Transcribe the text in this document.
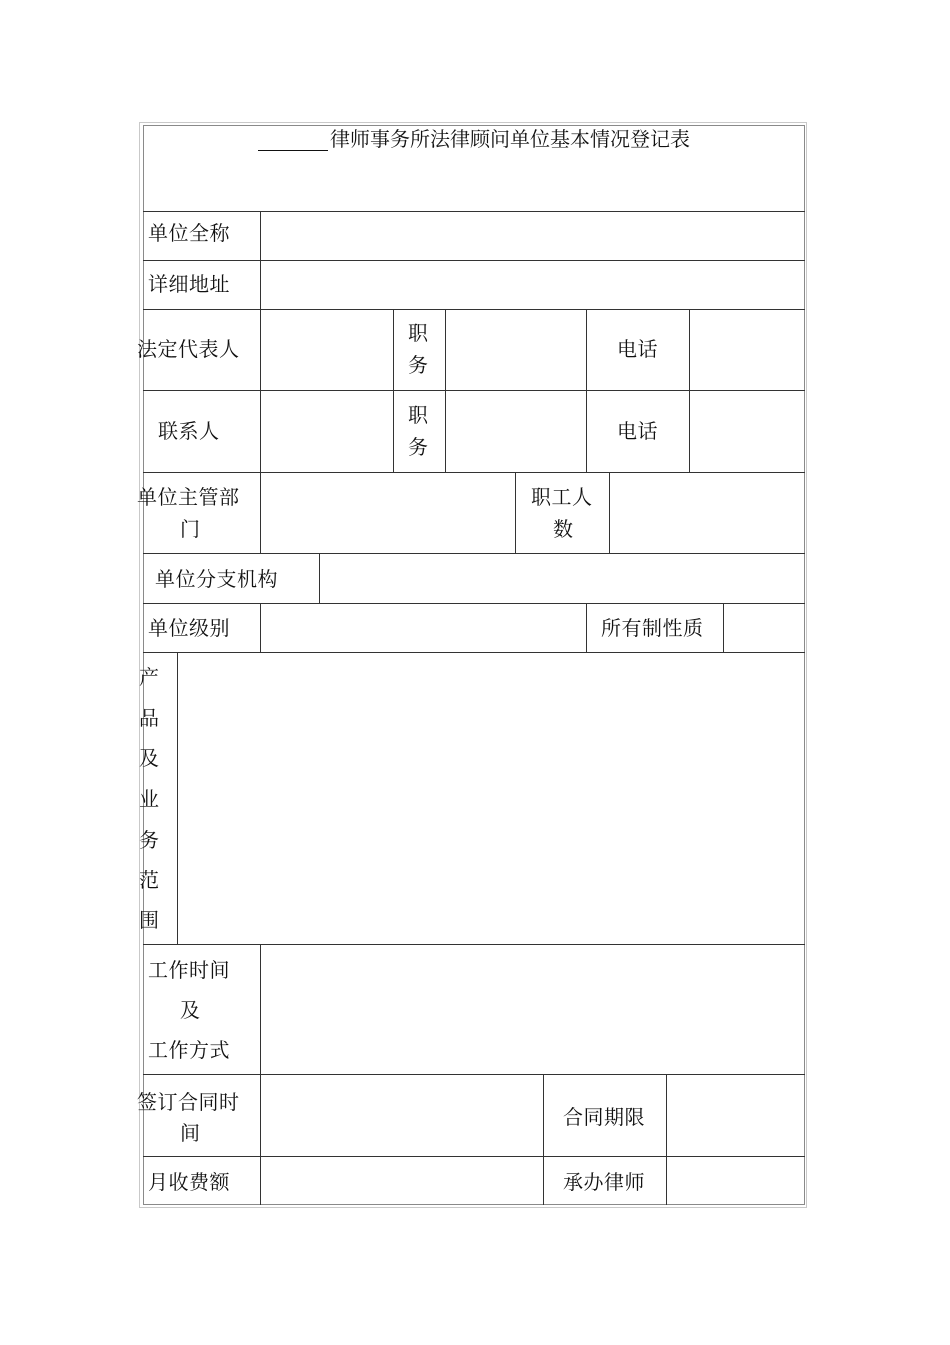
律师事务所法律顾问单位基本情况登记表
单位全称
详细地址
法定代表人
职
务
电话
联系人
职
务
电话
单位主管部
门
职工人
数
单位分支机构
单位级别	所有制性质
产
品
及
业
务
范
围
工作时间
及
工作方式
签订合同时
间
合同期限
月收费额	承办律师
